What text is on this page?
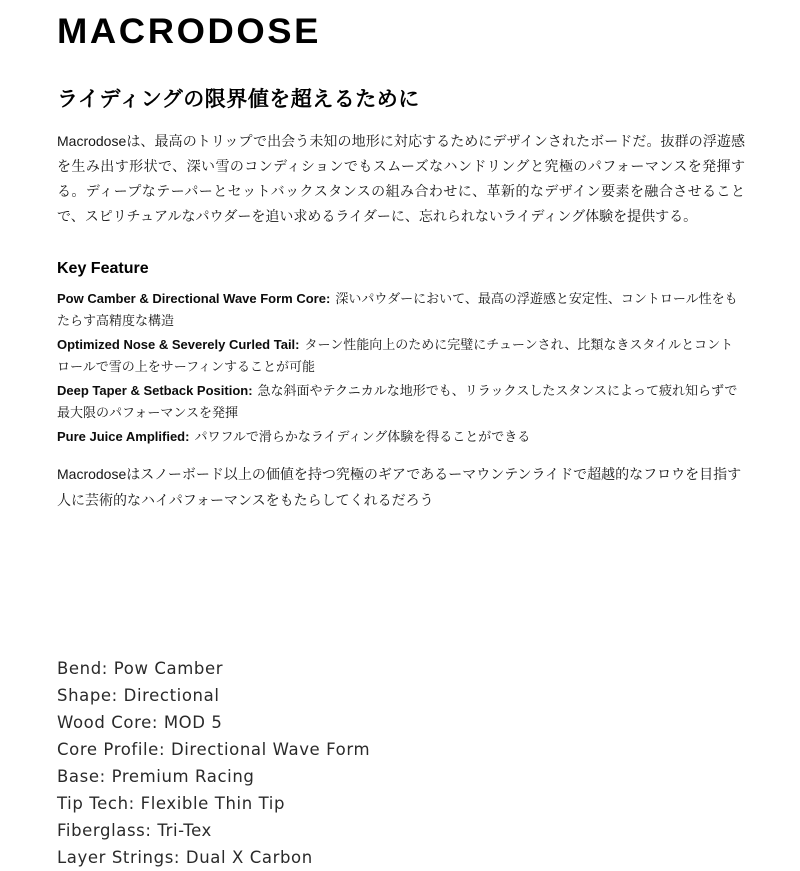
MACRODOSE
ライディングの限界値を超えるために

Macrodoseは、最高のトリップで出会う未知の地形に対応するためにデザインされたボードだ。抜群の浮遊感を生み出す形状で、深い雪のコンディションでもスムーズなハンドリングと究極のパフォーマンスを発揮する。ディープなテーパーとセットバックスタンスの組み合わせに、革新的なデザイン要素を融合させることで、スピリチュアルなパウダーを追い求めるライダーに、忘れられないライディング体験を提供する。

Key Feature
Pow Camber & Directional Wave Form Core: 深いパウダーにおいて、最高の浮遊感と安定性、コントロール性をもたらす高精度な構造
Optimized Nose & Severely Curled Tail: ターン性能向上のために完璧にチューンされ、比類なきスタイルとコントロールで雪の上をサーフィンすることが可能
Deep Taper & Setback Position: 急な斜面やテクニカルな地形でも、リラックスしたスタンスによって疲れ知らずで最大限のパフォーマンスを発揮
Pure Juice Amplified: パワフルで滑らかなライディング体験を得ることができる

Macrodoseはスノーボード以上の価値を持つ究極のギアであるーマウンテンライドで超越的なフロウを目指す人に芸術的なハイパフォーマンスをもたらしてくれるだろう

Bend: Pow Camber
Shape: Directional
Wood Core: MOD 5
Core Profile: Directional Wave Form
Base: Premium Racing
Tip Tech: Flexible Thin Tip
Fiberglass: Tri-Tex
Layer Strings: Dual X Carbon
